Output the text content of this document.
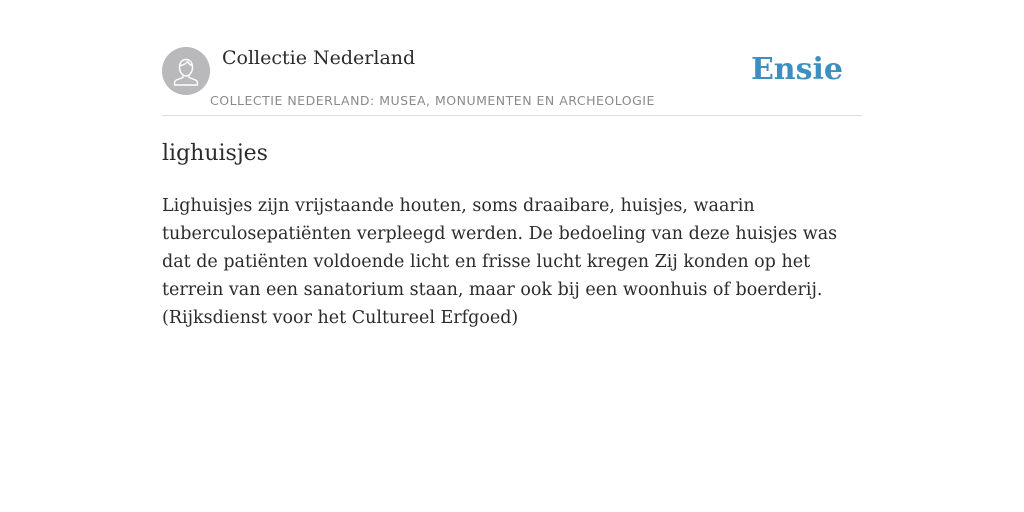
Collectie Nederland
COLLECTIE NEDERLAND: MUSEA, MONUMENTEN EN ARCHEOLOGIE
Ensie
lighuisjes

Lighuisjes zijn vrijstaande houten, soms draaibare, huisjes, waarin tuberculosepatiënten verpleegd werden. De bedoeling van deze huisjes was dat de patiënten voldoende licht en frisse lucht kregen Zij konden op het terrein van een sanatorium staan, maar ook bij een woonhuis of boerderij. (Rijksdienst voor het Cultureel Erfgoed)
